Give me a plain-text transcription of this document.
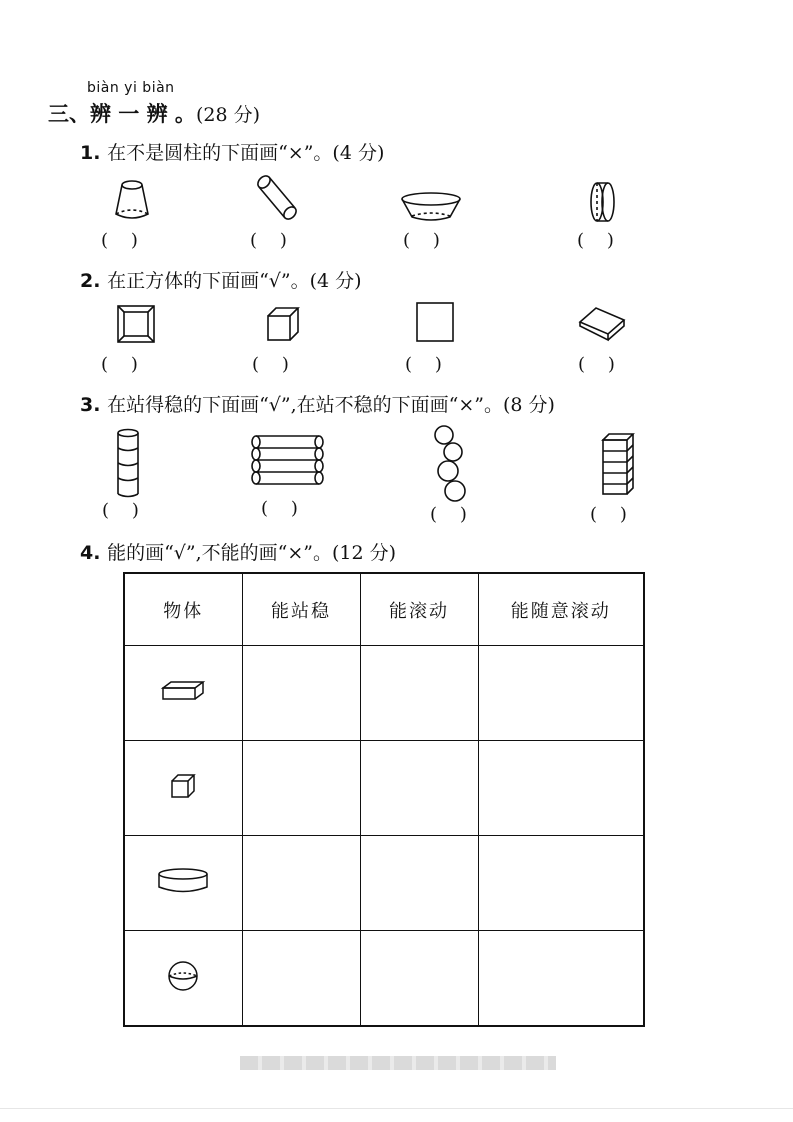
biàn yi biàn
三、辨 一 辨 。(28 分)
1. 在不是圆柱的下面画“×”。(4 分)
(    )	(    )	(    )	(    )
2. 在正方体的下面画“√”。(4 分)
(    )	(    )	(    )	(    )
3. 在站得稳的下面画“√”,在站不稳的下面画“×”。(8 分)
(    )	(    )	(    )	(    )
4. 能的画“√”,不能的画“×”。(12 分)
物体	能站稳	能滚动	能随意滚动
